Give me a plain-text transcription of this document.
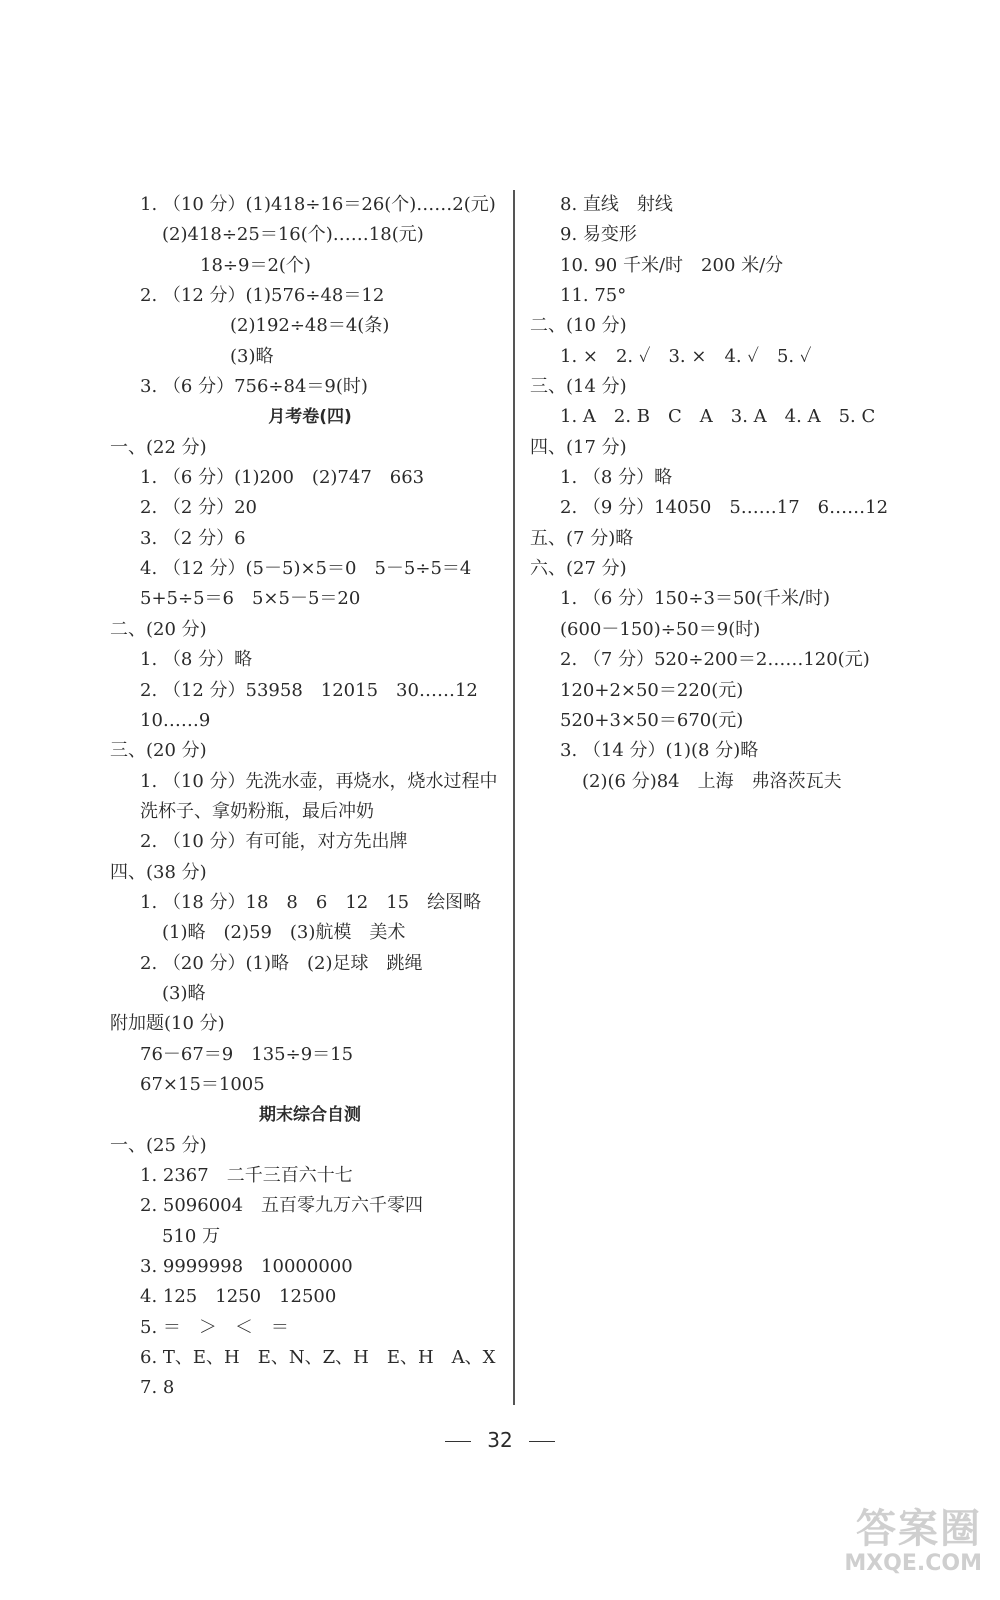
1. （10 分）(1)418÷16＝26(个)……2(元)
(2)418÷25＝16(个)……18(元)
18÷9＝2(个)
2. （12 分）(1)576÷48＝12
(2)192÷48＝4(条)
(3)略
3. （6 分）756÷84＝9(时)
月考卷(四)
一、(22 分)
1. （6 分）(1)200　(2)747　663
2. （2 分）20
3. （2 分）6
4. （12 分）(5－5)×5＝0　5－5÷5＝4
5+5÷5＝6　5×5－5＝20
二、(20 分)
1. （8 分）略
2. （12 分）53958　12015　30……12
10……9
三、(20 分)
1. （10 分）先洗水壶，再烧水，烧水过程中
洗杯子、拿奶粉瓶，最后冲奶
2. （10 分）有可能，对方先出牌
四、(38 分)
1. （18 分）18　8　6　12　15　绘图略
(1)略　(2)59　(3)航模　美术
2. （20 分）(1)略　(2)足球　跳绳
(3)略
附加题(10 分)
76－67＝9　135÷9＝15
67×15＝1005
期末综合自测
一、(25 分)
1. 2367　二千三百六十七
2. 5096004　五百零九万六千零四
510 万
3. 9999998　10000000
4. 125　1250　12500
5. ＝　＞　＜　＝
6. T、E、H　E、N、Z、H　E、H　A、X
7. 8
8. 直线　射线
9. 易变形
10. 90 千米/时　200 米/分
11. 75°
二、(10 分)
1. ×　2. ✓　3. ×　4. ✓　5. ✓
三、(14 分)
1. A　2. B　C　A　3. A　4. A　5. C
四、(17 分)
1. （8 分）略
2. （9 分）14050　5……17　6……12
五、(7 分)略
六、(27 分)
1. （6 分）150÷3＝50(千米/时)
(600－150)÷50＝9(时)
2. （7 分）520÷200＝2……120(元)
120+2×50＝220(元)
520+3×50＝670(元)
3. （14 分）(1)(8 分)略
(2)(6 分)84　上海　弗洛茨瓦夫
32
答案圈
MXQE.COM
